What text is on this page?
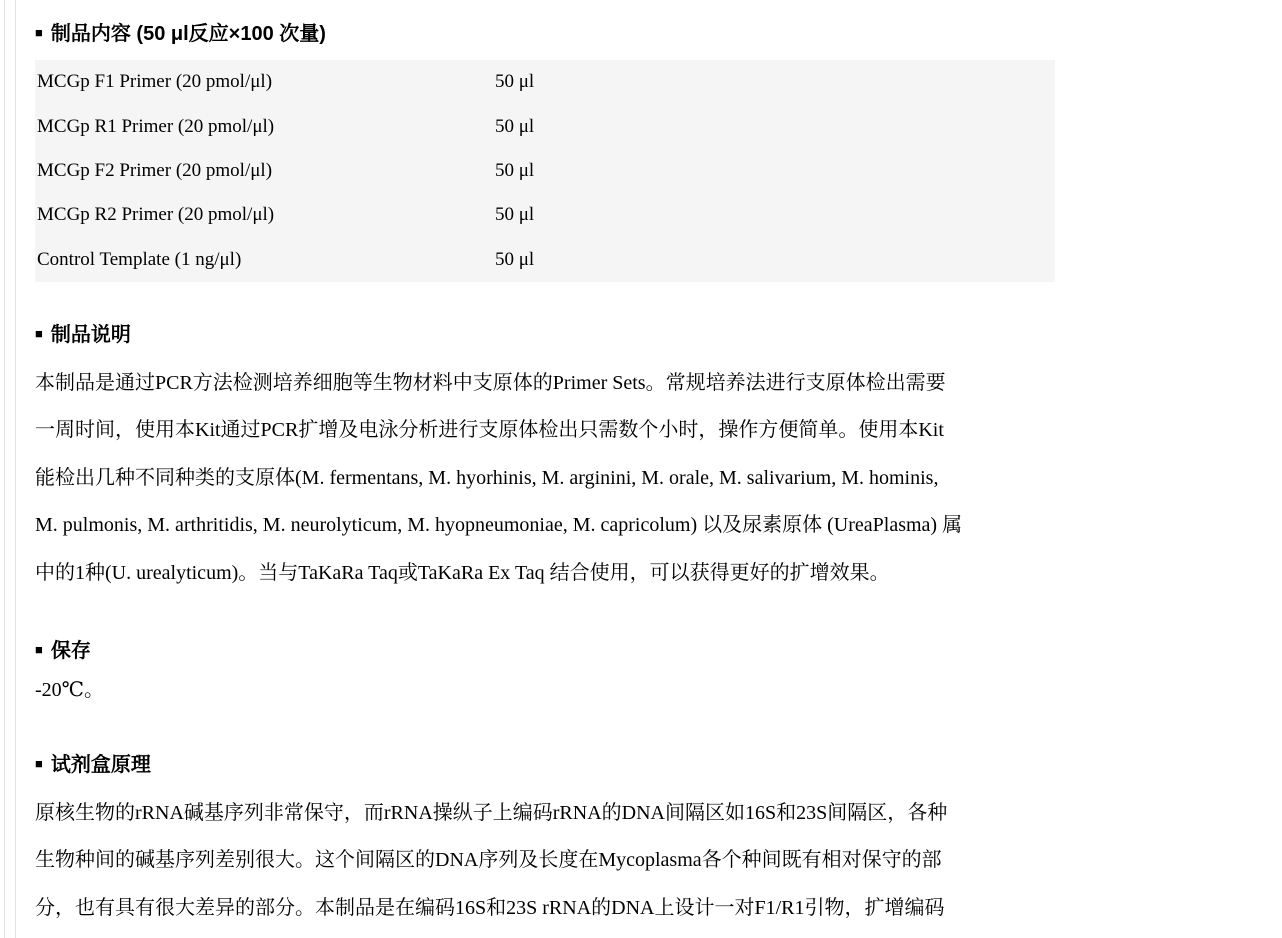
■ 制品内容 (50 μl反应×100 次量)
MCGp F1 Primer (20 pmol/μl)	50 μl
MCGp R1 Primer (20 pmol/μl)	50 μl
MCGp F2 Primer (20 pmol/μl)	50 μl
MCGp R2 Primer (20 pmol/μl)	50 μl
Control Template (1 ng/μl)	50 μl
■ 制品说明
本制品是通过PCR方法检测培养细胞等生物材料中支原体的Primer Sets。常规培养法进行支原体检出需要
一周时间，使用本Kit通过PCR扩增及电泳分析进行支原体检出只需数个小时，操作方便简单。使用本Kit
能检出几种不同种类的支原体(M. fermentans, M. hyorhinis, M. arginini, M. orale, M. salivarium, M. hominis,
M. pulmonis, M. arthritidis, M. neurolyticum, M. hyopneumoniae, M. capricolum) 以及尿素原体 (UreaPlasma) 属
中的1种(U. urealyticum)。当与TaKaRa Taq或TaKaRa Ex Taq 结合使用，可以获得更好的扩增效果。
■ 保存
-20℃。
■ 试剂盒原理
原核生物的rRNA碱基序列非常保守，而rRNA操纵子上编码rRNA的DNA间隔区如16S和23S间隔区，各种
生物种间的碱基序列差别很大。这个间隔区的DNA序列及长度在Mycoplasma各个种间既有相对保守的部
分，也有具有很大差异的部分。本制品是在编码16S和23S rRNA的DNA上设计一对F1/R1引物，扩增编码
